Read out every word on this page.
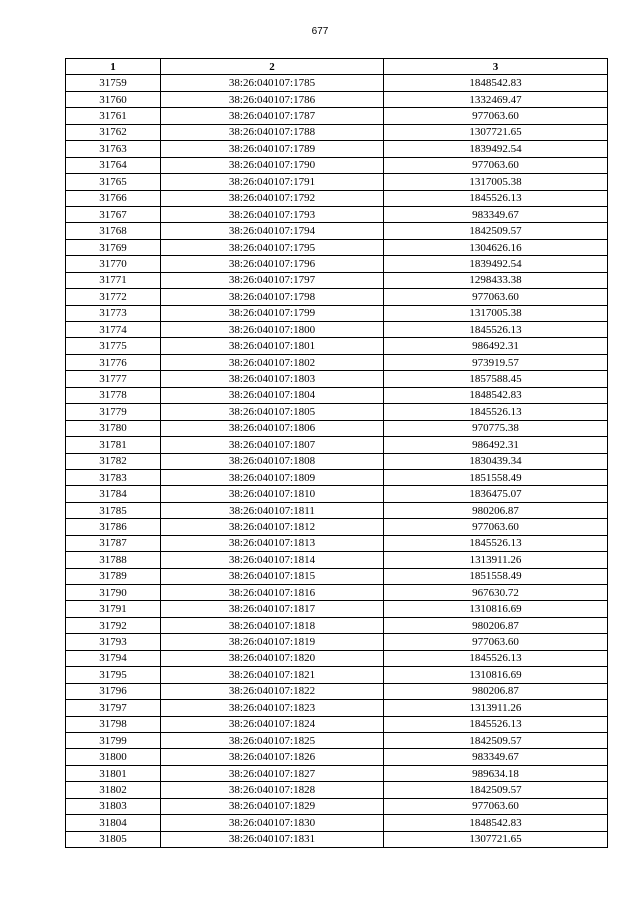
677
1	2	3
31759	38:26:040107:1785	1848542.83
31760	38:26:040107:1786	1332469.47
31761	38:26:040107:1787	977063.60
31762	38:26:040107:1788	1307721.65
31763	38:26:040107:1789	1839492.54
31764	38:26:040107:1790	977063.60
31765	38:26:040107:1791	1317005.38
31766	38:26:040107:1792	1845526.13
31767	38:26:040107:1793	983349.67
31768	38:26:040107:1794	1842509.57
31769	38:26:040107:1795	1304626.16
31770	38:26:040107:1796	1839492.54
31771	38:26:040107:1797	1298433.38
31772	38:26:040107:1798	977063.60
31773	38:26:040107:1799	1317005.38
31774	38:26:040107:1800	1845526.13
31775	38:26:040107:1801	986492.31
31776	38:26:040107:1802	973919.57
31777	38:26:040107:1803	1857588.45
31778	38:26:040107:1804	1848542.83
31779	38:26:040107:1805	1845526.13
31780	38:26:040107:1806	970775.38
31781	38:26:040107:1807	986492.31
31782	38:26:040107:1808	1830439.34
31783	38:26:040107:1809	1851558.49
31784	38:26:040107:1810	1836475.07
31785	38:26:040107:1811	980206.87
31786	38:26:040107:1812	977063.60
31787	38:26:040107:1813	1845526.13
31788	38:26:040107:1814	1313911.26
31789	38:26:040107:1815	1851558.49
31790	38:26:040107:1816	967630.72
31791	38:26:040107:1817	1310816.69
31792	38:26:040107:1818	980206.87
31793	38:26:040107:1819	977063.60
31794	38:26:040107:1820	1845526.13
31795	38:26:040107:1821	1310816.69
31796	38:26:040107:1822	980206.87
31797	38:26:040107:1823	1313911.26
31798	38:26:040107:1824	1845526.13
31799	38:26:040107:1825	1842509.57
31800	38:26:040107:1826	983349.67
31801	38:26:040107:1827	989634.18
31802	38:26:040107:1828	1842509.57
31803	38:26:040107:1829	977063.60
31804	38:26:040107:1830	1848542.83
31805	38:26:040107:1831	1307721.65
